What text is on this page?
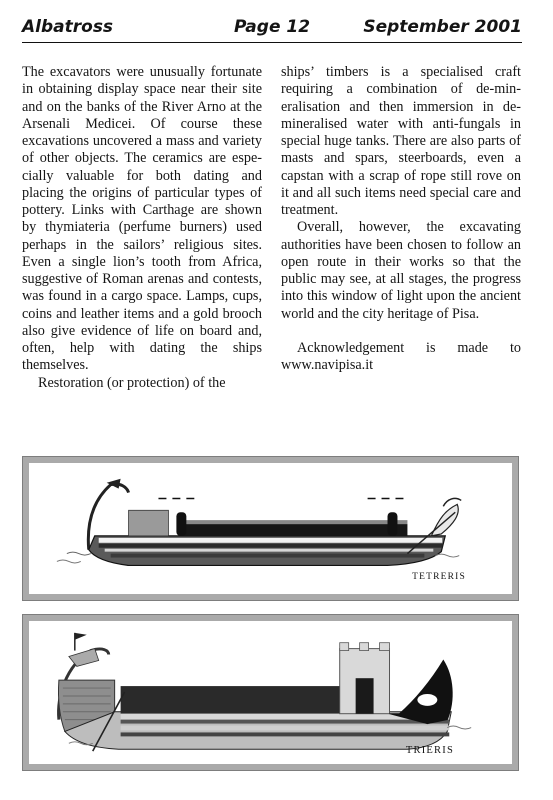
Albatross	Page 12	September 2001

The excavators were unusually fortunate in obtaining display space near their site and on the banks of the River Arno at the Arsenali Medicei. Of course these excavations uncovered a mass and variety of other objects. The ceramics are especially valuable for both dating and placing the origins of particular types of pottery. Links with Carthage are shown by thymiateria (perfume burners) used perhaps in the sailors’ religious sites. Even a single lion’s tooth from Africa, suggestive of Roman arenas and contests, was found in a cargo space. Lamps, cups, coins and leather items and a gold brooch also give evidence of life on board and, often, help with dating the ships themselves.

Restoration (or protection) of the

ships’ timbers is a specialised craft requiring a combination of de-mineralisation and then immersion in de-mineralised water with anti-fungals in special huge tanks. There are also parts of masts and spars, steerboards, even a capstan with a scrap of rope still rove on it and all such items need special care and treatment.

Overall, however, the excavating authorities have been chosen to follow an open route in their works so that the public may see, at all stages, the progress into this window of light upon the ancient world and the city heritage of Pisa.

Acknowledgement is made to www.navipisa.it

TETRERIS
TRIERIS
